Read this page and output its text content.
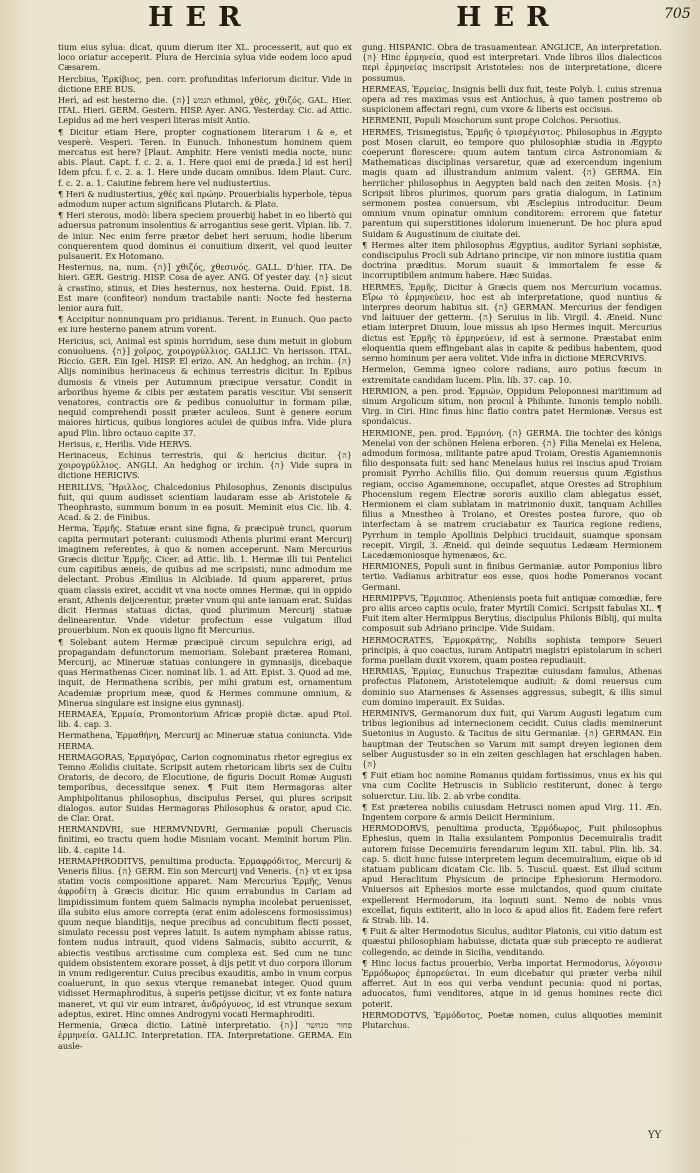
HER	HER	705

tium eius sylua: dicat, quum dierum iter XL. processerit, aut quo ex loco oriatur acceperit. Plura de Hercinia sylua vide eodem loco apud Cæsarem.

Hercbius, Ἑρκίβιος, pen. corr. profunditas inferiorum dicitur. Vide in dictione ERE BUS.

Herì, ad est hesterno die. {ה}] הנמש ethmol, χθὲς, χθιζός. GAL. Hier. ITAL. Hieri. GERM. Gestern. HISP. Ayer. ANG. Yesterday. Cic. ad Attic. Lepidus ad me heri vesperi literas misit Antio.

¶ Dicitur etiam Here, propter cognationem literarum i & e, et vesperè. Vesperi. Teren. in Eunuch. Inhonestum hominem quem mercatus est here? [Plaut. Amphitr. Here venisti media nocte, nunc abis. Plaut. Capt. f. c. 2. a. 1. Here quoi emi de præda.] id est heri] Idem pfcu. f. c. 2. a. 1. Here unde ducam omnibus. Idem Plaut. Curc. f. c. 2. a. 1. Caiutine febrem here vel nudiustertius.

¶ Heri & nudiustertius, χθὲς καὶ πρώην. Prouerbialis hyperbole, tèpus admodum nuper actum significans Plutarch. & Plato.

¶ Heri sterous, modò: libera speciem prouerbij habet in eo libertò qui aduersus patronum insolentius & arrogantius sese gerit. Vlpian. lib. 7. de iniur. Nec enim ferre prætor debet heri seruum, hodie liberum conquerentem quod dominus ei conuitium dixerit, vel quod leuiter pulsauerit. Ex Hotomano.

Hesternus, na, num. {ה}] χθιζός, χθεσινός. GALL. D'hier. ITA. De hieri. GER. Gestrig. HISP. Cosa de ayer. ANG. Of yester day. {ה} sicut à crastino, stinus, et Dies hesternus, nox hesterna. Ouid. Epist. 18. Est mare (confiteor) nondum tractabile nanti: Nocte fed hesterna lenior aura fuit.

¶ Accipitur nonnunquam pro pridianus. Terent. in Eunuch. Quo pacto ex iure hesterno panem atrum vorent.

Hericius, sci, Animal est spinis horridum, sese dum metuit in globum conuoluens. {ה}] χοῖρος, χοιρογρύλλιος. GALLIC. Vn herisson. ITAL. Riccio. GER. Ein Igel. HISP. El erizo. AN. An hedghog, an irchin. {ה} Alijs nominibus herinaceus & echinus terrestris dicitur. In Epibus dumosis & vineis per Autumnum præcipue versatur. Condit in arboribus hyeme & cibis per æstatem paratis vescitur. Vbi senserit venatores, contractis ore & pedibus conuoluitur in formam pilæ, nequid comprehendi possit præter aculeos. Sunt è genere eorum maiores hirticus, quibus longiores aculei de quibus infra. Vide plura apud Plin. libro octauo capite 37.

Herisus, ε, Herilis. Vide HERVS.

Herinaceus, Echinus terrestris, qui & hericius dicitur. {ה} χοιρογρύλλιος. ANGLI. An hedghog or irchin. {ה} Vide supra in dictione HERICIVS.

HERILLVS, Ἥριλλος, Chalcedonius Philosophus, Zenonis discipulus fuit, qui quum audisset scientiam laudaram esse ab Aristotele & Theophrasto, summum bonum in ea posuit. Meminit eius Cic. lib. 4. Acad. & 2. de Finibus.

Herma, Ἑρμῆς. Statuæ erant sine figna, & præcipuè trunci, quorum capita permutari poterant: cuiusmodi Athenis plurimi erant Mercurij imaginem referentes, à quo & nomen acceperunt. Nam Mercurius Græcis dicitur Ἑρμῆς. Cicer. ad Attic. lib. 1. Hermæ illi tui Pentelici cum capitibus æneis, de quibus ad me scripsisti, nunc admodum me delectant. Probus Æmilius in Alcibiade. Id quum appareret, prius quam classis exiret, accidit vt vna nocte omnes Hermæ, qui in oppido erant, Athenis deijcerentur, præter vnum qui ante ianuam erat. Suidas dicit Hermas statuas dictas, quod plurimum Mercurij statuæ delinearentur. Vnde videtur profectum esse vulgatum illud prouerbium. Non ex quouis ligno fit Mercurius.

¶ Solebant autem Hermæ præcipuè circum sepulchra erigi, ad propagandam defunctorum memoriam. Solebant præterea Romani, Mercurij, ac Mineruæ statuas coniungere in gymnasijs, dicebaque quas Hermathenas Cicer. nominat lib. 1. ad Att. Epist. 3. Quod ad me, inquit, de Hermathena scribis, per mihi gratum est, ornamentum Academiæ proprium meæ, quod & Hermes commune omnium, & Minerua singulare est insigne eius gymnasij.

HERMAEA, Ἑρμαία, Promontorium Africæ propiè dictæ. apud Ptol. lib. 4. cap. 3.

Hermathena, Ἑρμαθήνη, Mercurij ac Mineruæ statua coniuncta. Vide HERMA.

HERMAGORAS, Ἑρμαγόρας, Carion cognominatus rhetor egregius ex Temno Æolidis ciuitate. Scripsit autem rhetoricam libris sex de Cultu Oratoris, de decoro, de Elocutione, de figuris Docuit Romæ Augusti temporibus, decessitque senex. ¶ Fuit item Hermagoras alter Amphipolitanus philosophus, discipulus Persei, qui plures scripsit dialogos. autor Suidas Hermagoras Philosophus & orator, apud Cic. de Clar. Orat.

HERMANDVRI, sue HERMVNDVRI, Germaniæ populi Cheruscis finitimi, eo tractu quem hodie Misniam vocant. Meminit horum Plin. lib. 4. capite 14.

HERMAPHRODITVS, penultima producta. Ἑρμαφρόδιτος, Mercurij & Veneris filius. {ה} GERM. Ein son Mercurij vnd Veneris. {ה} vt ex ipsa statim vocis compositione apparet. Nam Mercurius Ἑρμῆς, Venus ἀφροδίτη à Græcis dicitur. Hic quum errabundus in Cariam ad limpidissimum fontem quem Salmacis nympha incolebat peruenisset, illa subito eius amore correpta (erat enim adolescens formosissimus) quum neque blanditijs, neque precibus ad concubitum flecti posset, simulato recessu post vepres latuit. Is autem nympham abisse ratus, fontem nudus intrauit, quod videns Salmacis, subito accurrit, & abiectis vestibus arctissime cum complexa est. Sed cum ne tunc quidem obsistentem exorare posset, à dijs petit vt duo corpora illorum in vnum redigerentur. Cuius precibus exauditis, ambo in vnum corpus coaluerunt, in quo sexus vterque remanebat integer. Quod quum vidisset Hermaphroditus, à superis petijsse dicitur, vt ex fonte natura maneret, vt qui vir eum intraret, ἀνδρόγυνος, id est vtrunque sexum adeptus, exiret. Hinc omnes Androgyni vocati Hermaphroditi.

Hermenia, Græca dictio. Latinè interpretatio. {ה}] פחור מנחשר ἑρμηνεία. GALLIC. Interpretation. ITA. Interpretatione. GERMA. Ein ausle-

gung. HISPANIC. Obra de trasuamentear. ANGLICE, An interpretation. {ה} Hinc ἑρμηνεία, quod est interpretari. Vnde libros illos dialecticos περὶ ἑρμηνείας inscripsit Aristoteles: nos de interpretatione, dicere possumus.

HERMEAS, Ἑρμείας, Insignis belli dux fuit, teste Polyb. l. cuius strenua opera ad res maximas vsus est Antiochus, à quo tamen postremo ob suspicionem affectari regni, cum vxore & liberis est occisus.

HERMENII, Populi Moschorum sunt prope Colchos. Persotius.

HERMES, Trismegistus, Ἑρμῆς ὁ τρισμέγιστος. Philosophus in Ægypto post Mosen claruit, eo tempore quo philosophiæ studia in Ægypto coeperunt florescere: quum autem tantum circa Astronomiam & Mathematicas disciplinas versaretur, quæ ad exercendum ingenium magis quam ad illustrandum animum valent. {ה} GERMA. Ein herriicher philosophus in Aegypten bald nach den zeiten Mosis. {ה} Scripsit libros plurimos, quorum pars gratia dialogum, in Latinum sermonem postea conuersum, vbi Æsclepius introducitur. Deum omnium vnum opinatur omnium conditorem: errorem que fatetur parentum qui superstitiones idolorum inuenerunt. De hoc plura apud Suidam & Augustinum de ciuitate dei.

¶ Hermes alter item philosophus Ægyptius, auditor Syriani sophistæ, condiscipulus Procli sub Adriano principe, vir non minore iustitia quam doctrina præditus. Morum suauit & immortalem fe esse & incorruptibilem animum habere. Hæc Suidas.

HERMES, Ἑρμῆς, Dicitur à Græcis quem nos Mercurium vocamus. Εἴρω τὸ ἑρμηνεύειν, hoc est ab interpretatione, quod nuntius & interpres deorum habitus sit. {ה} GERMAN. Mercurius der fendigen vnd laituuer der getterm. {ה} Seruius in lib. Virgil. 4. Æneid. Nunc etiam interpret Diuum, loue missus ab ipso Hermes inquit. Mercurius dictus est Ἑρμῆς τὸ ἑρμηνεύειν, id est à sermone. Præstabat enim eloquentia quem effingebant alas in capite & pedibus habentem, quod sermo hominum per aera volitet. Vide infra in dictione MERCVRIVS.

Hermelon, Gemma igneo colore radians, auro potius fœcum in extremitate candidam lucem. Plin. lib. 37. cap. 10.

HERMION, a pen. prod. Ἑρμιών, Oppidum Peloponnesi maritimum ad sinum Argolicum situm, non procul à Philunte. Iunonis templo nobili. Virg. in Ciri. Hinc finus hinc flatio contra patet Hermionæ. Versus est spondaicus.

HERMIONE, pen. prod. Ἑρμιόνη. {ה} GERMA. Die tochter des königs Menelai von der schönen Helena erboren. {ה} Filia Menelai ex Helena, admodum formosa, militante patre apud Troiam, Orestis Agamemnonis filio desponsata fuit: sed hanc Menelaus huius rei inscius apud Troiam promisit Pyrrho Achillis filio. Qui domum reuersus quum Ægisthus regiam, occiso Agamemnone, occupaflet, atque Orestes ad Strophium Phocensium regem Electræ sororis auxilio clam ablegatus esset, Hermionem ei clam sublatam in matrimonio duxit, tanquam Achilles filius a Mnestheo à Troiano, et Orestes postea furore, quo ob interfectam à se matrem cruciabatur ex Taurica regione rediens, Pyrrhum in templo Apollinis Delphici trucidauit, suamque sponsam recepit. Virgil, 3. Æneid. qui deinde sequutus Ledæam Hermionem Lacedæmoniosque hymenæos, &c.

HERMIONES, Populi sunt in finibus Germaniæ. autor Pomponius libro tertio. Vadianus arbitratur eos esse, quos hodie Pomeranos vocant Germani.

HERMIPPVS, Ἕρμιππος. Atheniensis poeta fuit antiquæ comœdiæ, fere pro aliis arceo captis oculo, frater Myrtili Comici. Scripsit fabulas XL. ¶ Fuit item alter Hermippus Berytius, discipulus Philonis Biblij, qui multa composuit sub Adriano principe. Vide Suidam.

HERMOCRATES, Ἑρμοκράτης, Nobilis sophista tempore Seueri principis, à quo coactus, iuram Antipatri magistri epistolarum in scheri forma puellam duxit vxorem, quam postea repudiauit.

HERMIAS, Ἑρμίας, Eunuchus Trapezitæ cuiusdam famulus, Athenas profectus Platonem, Aristotelemque audiuit: & domi reuersus cum dominio suo Atarnenses & Assenses aggressus, subegit, & illis simul cum domino imperauit. Ex Suidas.

HERMINIVS, Germanorum dux fuit, qui Varum Augusti legatum cum tribus legionibus ad internecionem cecidit. Cuius cladis meminerunt Suetonius in Augusto. & Tacitus de situ Germaniæ. {ה} GERMAN. Ein hauptman der Teutschen so Varum mit sampt dreyen legionen dem selber Augustusder so in ein zeiten geschlagen hat erschlagen haben. {ה}

¶ Fuit etiam hoc nomine Romanus quidam fortissimus, vnus ex his qui vna cum Coclite Hetruscis in Sublicio restiterunt, donec à tergo soluerctur. Liu. lib. 2. ab vrbe condita.

¶ Est præterea nobilis cuiusdam Hetrusci nomen apud Virg. 11. Æn. Ingentem corpore & armis Deiicit Herminium.

HERMODORVS, penultima producta, Ἑρμόδωρος, Fuit philosophus Ephesius, quem in Italia exsulantem Pomponius Decemuiralis tradit autorem fuisse Decemuiris ferendarum legum XII. tabul. Plin. lib. 34. cap. 5. dicit hunc fuisse interpretem legum decemuiralium, eique ob id statuam publicam dicatam Cic. lib. 5. Tuscul. quæst. Est illud scitum apud Heraclitum Physicum de principe Ephesiorum Hermodoro. Vniuersos ait Ephesios morte esse mulctandos, quod quum ciuitate expellerent Hermodorum, ita loquuti sunt. Nemo de nobis vnus excellat, fiquis extiterit, alio in loco & apud alios fit. Eadem fere refert & Strab. lib. 14.

¶ Fuit & alter Hermodotus Siculus, auditor Platonis, cui vitio datum est quæstui philosophiam habuisse, dictata quæ sub præcepto re audierat collegendo, ac deinde in Sicilia, venditando.

¶ Hinc locus factus prouerbio, Verba importat Hermodorus, λόγοισιν Ἑρμόδωρος ἐμπορεύεται. In eum dicebatur qui præter verba nihil afferret. Aut in eos qui verba vendunt pecunia: quod ni portas, aduocatos, fumi venditores, atque in id genus homines recte dici poterit.

HERMODOTVS, Ἑρμόδοτος, Poetæ nomen, cuius aliquoties meminit Plutarchus.

YY
